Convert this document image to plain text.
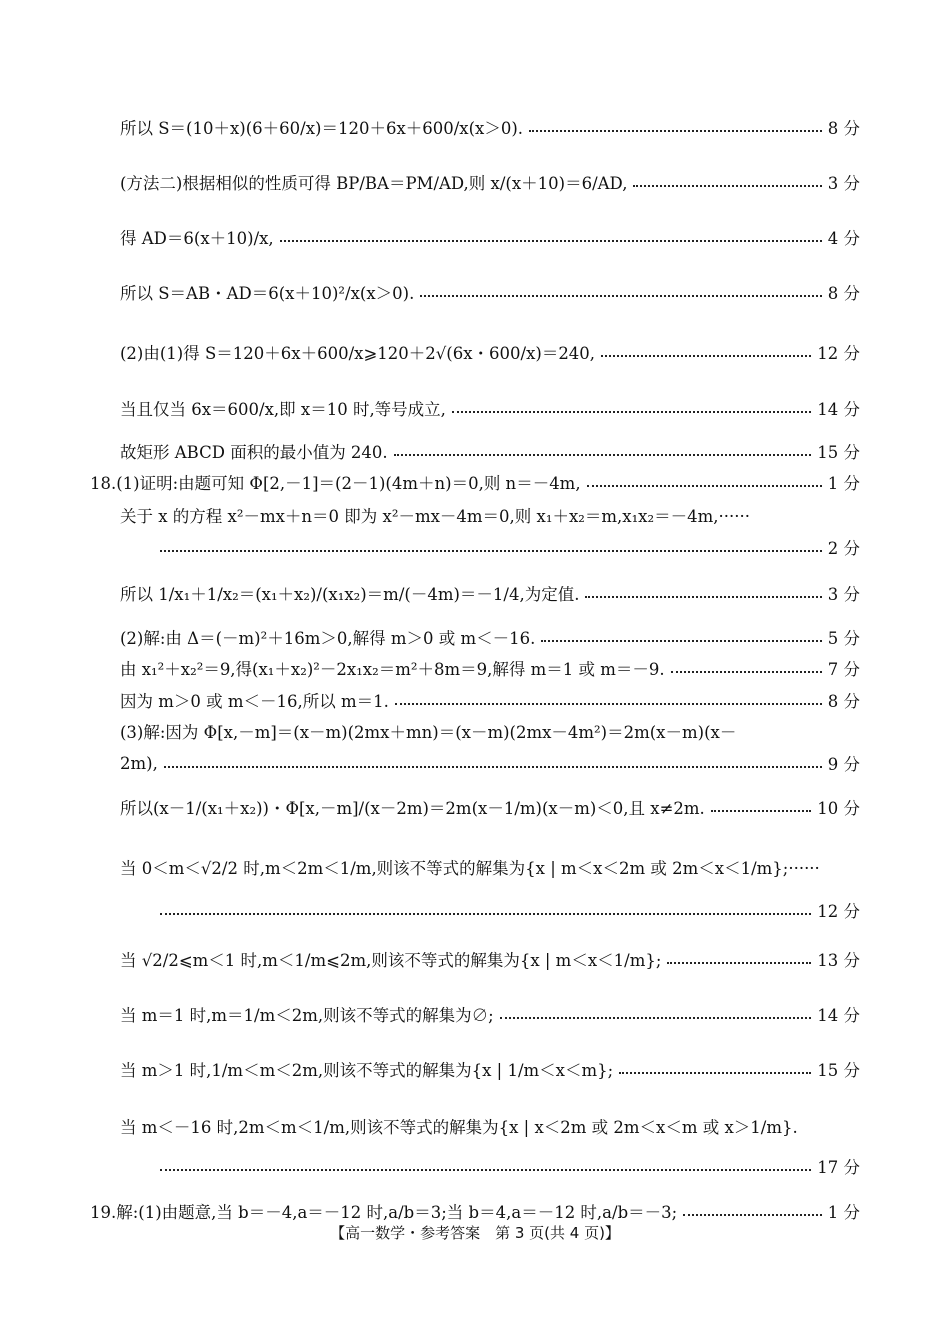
所以 S＝(10＋x)(6＋60/x)＝120＋6x＋600/x(x＞0).	8 分
(方法二)根据相似的性质可得 BP/BA＝PM/AD,则 x/(x＋10)＝6/AD,	3 分
得 AD＝6(x＋10)/x,	4 分
所以 S＝AB・AD＝6(x＋10)²/x(x＞0).	8 分
(2)由(1)得 S＝120＋6x＋600/x⩾120＋2√(6x・600/x)＝240,	12 分
当且仅当 6x＝600/x,即 x＝10 时,等号成立,	14 分
故矩形 ABCD 面积的最小值为 240.	15 分
18.(1)证明:由题可知 Φ[2,－1]＝(2－1)(4m＋n)＝0,则 n＝－4m,	1 分
关于 x 的方程 x²－mx＋n＝0 即为 x²－mx－4m＝0,则 x₁＋x₂＝m,x₁x₂＝－4m,······
2 分
所以 1/x₁＋1/x₂＝(x₁＋x₂)/(x₁x₂)＝m/(－4m)＝－1/4,为定值.	3 分
(2)解:由 Δ＝(－m)²＋16m＞0,解得 m＞0 或 m＜－16.	5 分
由 x₁²＋x₂²＝9,得(x₁＋x₂)²－2x₁x₂＝m²＋8m＝9,解得 m＝1 或 m＝－9.	7 分
因为 m＞0 或 m＜－16,所以 m＝1.	8 分
(3)解:因为 Φ[x,－m]＝(x－m)(2mx＋mn)＝(x－m)(2mx－4m²)＝2m(x－m)(x－
2m),	9 分
所以(x－1/(x₁＋x₂))・Φ[x,－m]/(x－2m)＝2m(x－1/m)(x－m)＜0,且 x≠2m.	10 分
当 0＜m＜√2/2 时,m＜2m＜1/m,则该不等式的解集为{x | m＜x＜2m 或 2m＜x＜1/m};······
12 分
当 √2/2⩽m＜1 时,m＜1/m⩽2m,则该不等式的解集为{x | m＜x＜1/m};	13 分
当 m＝1 时,m＝1/m＜2m,则该不等式的解集为∅;	14 分
当 m＞1 时,1/m＜m＜2m,则该不等式的解集为{x | 1/m＜x＜m};	15 分
当 m＜－16 时,2m＜m＜1/m,则该不等式的解集为{x | x＜2m 或 2m＜x＜m 或 x＞1/m}.
17 分
19.解:(1)由题意,当 b＝－4,a＝－12 时,a/b＝3;当 b＝4,a＝－12 时,a/b＝－3;	1 分
【高一数学・参考答案　第 3 页(共 4 页)】
